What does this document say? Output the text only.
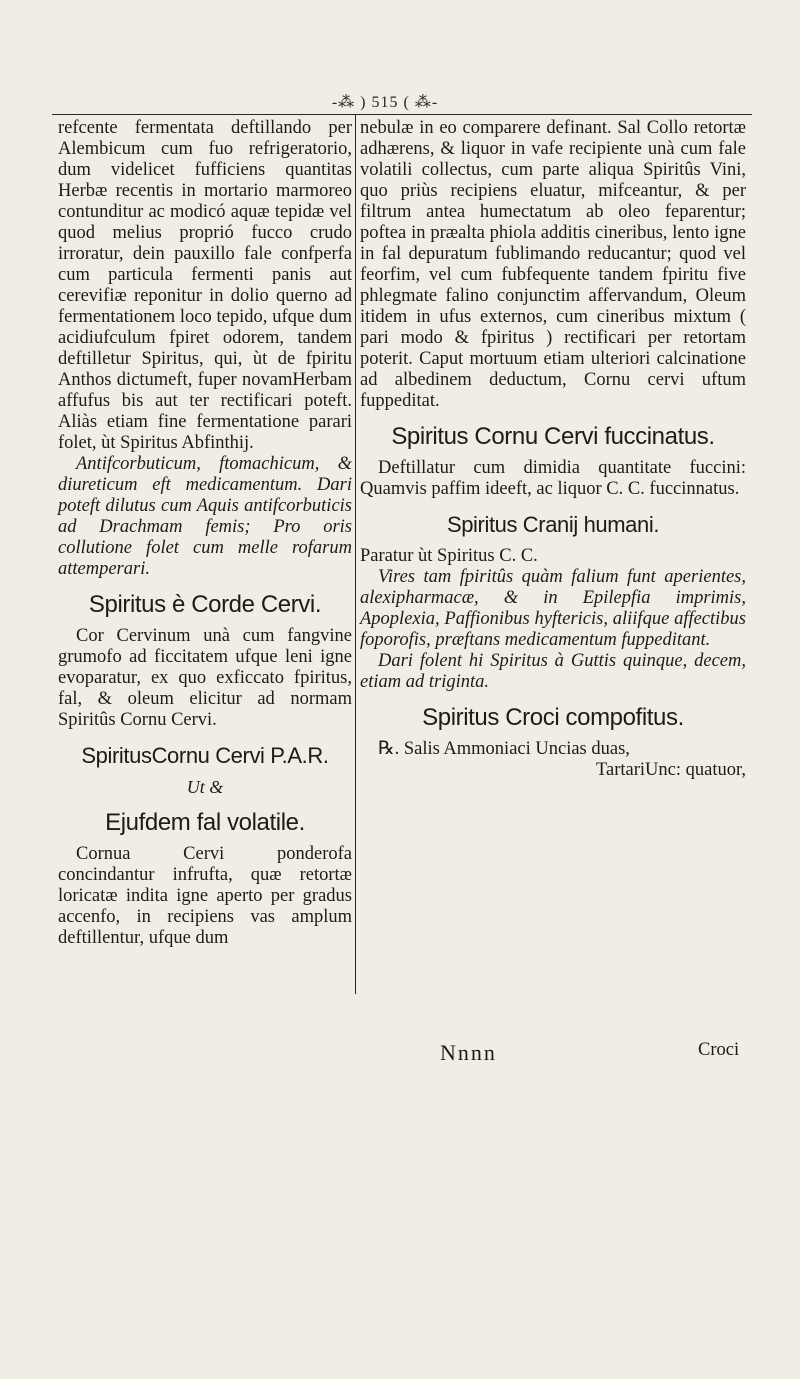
-⁂ ) 515 ( ⁂-

refcente fermentata deftillando per Alembicum cum fuo refrigeratorio, dum videlicet fufficiens quantitas Herbæ recentis in mortario marmoreo contunditur ac modicó aquæ tepidæ vel quod melius proprió fucco crudo irroratur, dein pauxillo fale confperfa cum particula fermenti panis aut cerevifiæ reponitur in dolio querno ad fermentationem loco tepido, ufque dum acidiufculum fpiret odorem, tandem deftilletur Spiritus, qui, ùt de fpiritu Anthos dictumeft, fuper novamHerbam affufus bis aut ter rectificari poteft. Aliàs etiam fine fermentatione parari folet, ùt Spiritus Abfinthij.

Antifcorbuticum, ftomachicum, & diureticum eft medicamentum. Dari poteft dilutus cum Aquis antifcorbuticis ad Drachmam femis; Pro oris collutione folet cum melle rofarum attemperari.

Spiritus è Corde Cervi.

Cor Cervinum unà cum fangvine grumofo ad ficcitatem ufque leni igne evoparatur, ex quo exficcato fpiritus, fal, & oleum elicitur ad normam Spiritûs Cornu Cervi.

SpiritusCornu Cervi P.A.R.
Ut &
Ejufdem fal volatile.

Cornua Cervi ponderofa concindantur infrufta, quæ retortæ loricatæ indita igne aperto per gradus accenfo, in recipiens vas amplum deftillentur, ufque dum

nebulæ in eo comparere definant. Sal Collo retortæ adhærens, & liquor in vafe recipiente unà cum fale volatili collectus, cum parte aliqua Spiritûs Vini, quo priùs recipiens eluatur, mifceantur, & per filtrum antea humectatum ab oleo feparentur; poftea in præalta phiola additis cineribus, lento igne in fal depuratum fublimando reducantur; quod vel feorfim, vel cum fubfequente tandem fpiritu five phlegmate falino conjunctim affervandum, Oleum itidem in ufus externos, cum cineribus mixtum ( pari modo & fpiritus ) rectificari per retortam poterit. Caput mortuum etiam ulteriori calcinatione ad albedinem deductum, Cornu cervi uftum fuppeditat.

Spiritus Cornu Cervi fuccinatus.

Deftillatur cum dimidia quantitate fuccini: Quamvis paffim ideeft, ac liquor C. C. fuccinnatus.

Spiritus Cranij humani.

Paratur ùt Spiritus C. C.

Vires tam fpiritûs quàm falium funt aperientes, alexipharmacæ, & in Epilepfia imprimis, Apoplexia, Paffionibus hyftericis, aliifque affectibus foporofis, præftans medicamentum fuppeditant.

Dari folent hi Spiritus à Guttis quinque, decem, etiam ad triginta.

Spiritus Croci compofitus.

℞. Salis Ammoniaci Uncias duas,

TartariUnc: quatuor,

Nnnn	Croci
